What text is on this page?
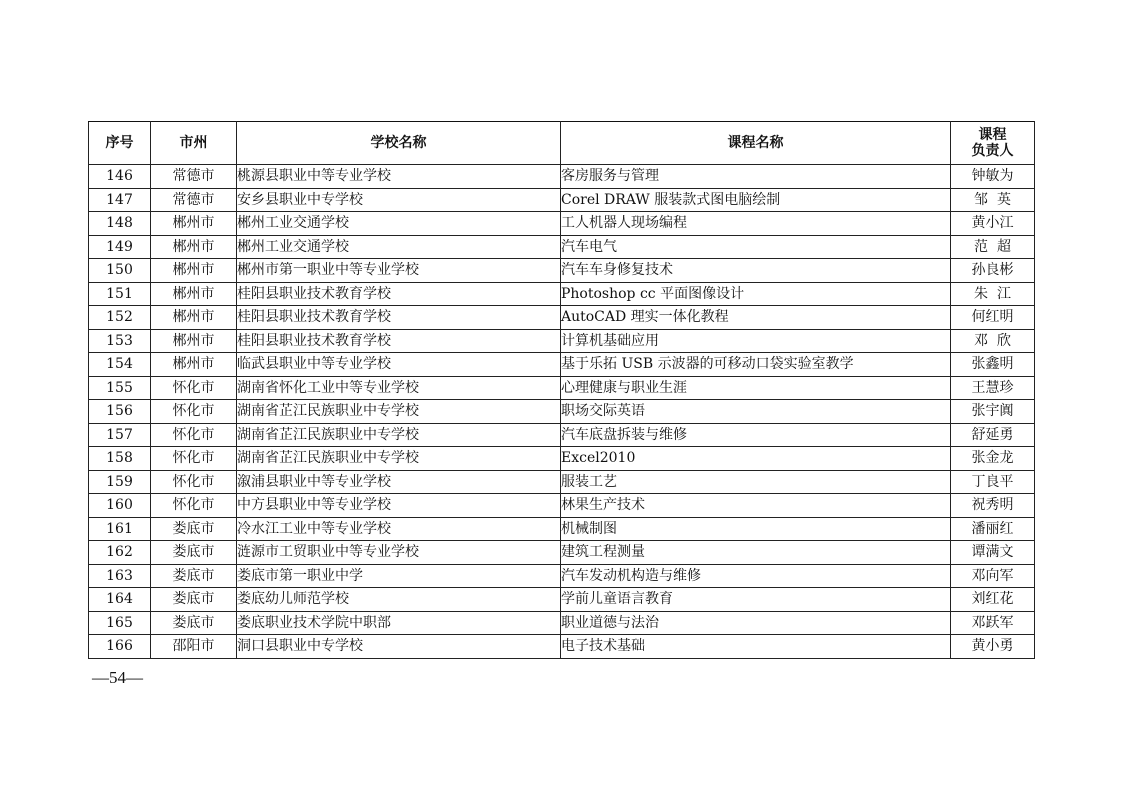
序号	市州	学校名称	课程名称	课程
负责人

146	常德市	桃源县职业中等专业学校	客房服务与管理	钟敏为
147	常德市	安乡县职业中专学校	Corel DRAW 服装款式图电脑绘制	邹  英
148	郴州市	郴州工业交通学校	工人机器人现场编程	黄小江
149	郴州市	郴州工业交通学校	汽车电气	范  超
150	郴州市	郴州市第一职业中等专业学校	汽车车身修复技术	孙良彬
151	郴州市	桂阳县职业技术教育学校	Photoshop cc 平面图像设计	朱  江
152	郴州市	桂阳县职业技术教育学校	AutoCAD 理实一体化教程	何红明
153	郴州市	桂阳县职业技术教育学校	计算机基础应用	邓  欣
154	郴州市	临武县职业中等专业学校	基于乐拓 USB 示波器的可移动口袋实验室教学	张鑫明
155	怀化市	湖南省怀化工业中等专业学校	心理健康与职业生涯	王慧珍
156	怀化市	湖南省芷江民族职业中专学校	职场交际英语	张宇阗
157	怀化市	湖南省芷江民族职业中专学校	汽车底盘拆装与维修	舒延勇
158	怀化市	湖南省芷江民族职业中专学校	Excel2010	张金龙
159	怀化市	溆浦县职业中等专业学校	服装工艺	丁良平
160	怀化市	中方县职业中等专业学校	林果生产技术	祝秀明
161	娄底市	冷水江工业中等专业学校	机械制图	潘丽红
162	娄底市	涟源市工贸职业中等专业学校	建筑工程测量	谭满文
163	娄底市	娄底市第一职业中学	汽车发动机构造与维修	邓向军
164	娄底市	娄底幼儿师范学校	学前儿童语言教育	刘红花
165	娄底市	娄底职业技术学院中职部	职业道德与法治	邓跃军
166	邵阳市	洞口县职业中专学校	电子技术基础	黄小勇
—54—
